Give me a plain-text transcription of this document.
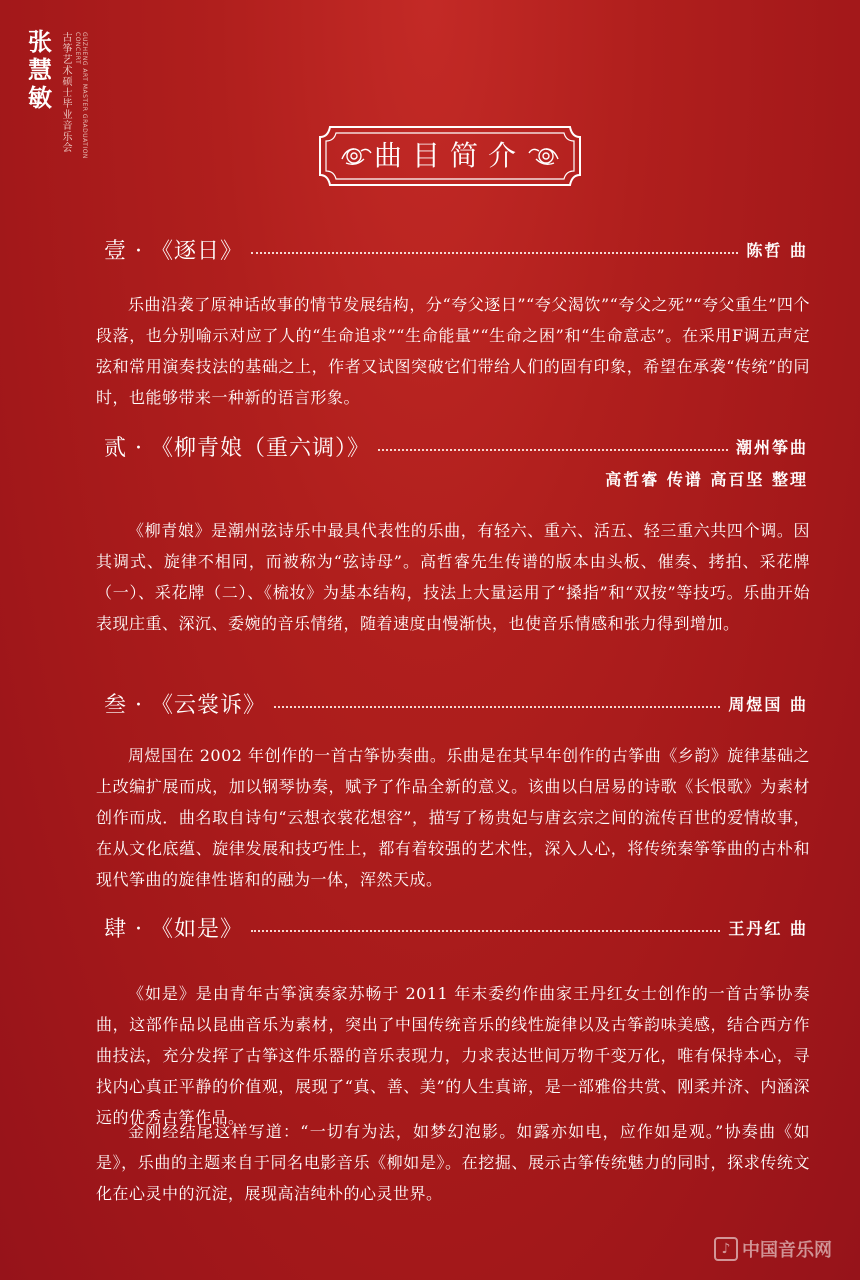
张
慧
敏 古筝艺术硕士毕业音乐会	GUZHENG ART MASTER GRADUATION CONCERT
曲目简介
壹 · 《逐日》	陈哲 曲

乐曲沿袭了原神话故事的情节发展结构，分“夸父逐日”“夸父渴饮”“夸父之死”“夸父重生”四个段落，也分别喻示对应了人的“生命追求”“生命能量”“生命之困”和“生命意志”。在采用F调五声定弦和常用演奏技法的基础之上，作者又试图突破它们带给人们的固有印象，希望在承袭“传统”的同时，也能够带来一种新的语言形象。

贰 · 《柳青娘（重六调）》	潮州筝曲
高哲睿 传谱 高百坚 整理

《柳青娘》是潮州弦诗乐中最具代表性的乐曲，有轻六、重六、活五、轻三重六共四个调。因其调式、旋律不相同，而被称为“弦诗母”。高哲睿先生传谱的版本由头板、催奏、拷拍、采花牌（一）、采花牌（二）、《梳妆》为基本结构，技法上大量运用了“搡指”和“双按”等技巧。乐曲开始表现庄重、深沉、委婉的音乐情绪，随着速度由慢渐快，也使音乐情感和张力得到增加。

叁 · 《云裳诉》	周煜国 曲

周煜国在 2002 年创作的一首古筝协奏曲。乐曲是在其早年创作的古筝曲《乡韵》旋律基础之上改编扩展而成，加以钢琴协奏，赋予了作品全新的意义。该曲以白居易的诗歌《长恨歌》为素材创作而成．曲名取自诗句“云想衣裳花想容”，描写了杨贵妃与唐玄宗之间的流传百世的爱情故事，在从文化底蕴、旋律发展和技巧性上，都有着较强的艺术性，深入人心，将传统秦筝筝曲的古朴和现代筝曲的旋律性谐和的融为一体，浑然天成。

肆 · 《如是》	王丹红 曲

《如是》是由青年古筝演奏家苏畅于 2011 年末委约作曲家王丹红女士创作的一首古筝协奏曲，这部作品以昆曲音乐为素材，突出了中国传统音乐的线性旋律以及古筝韵味美感，结合西方作曲技法，充分发挥了古筝这件乐器的音乐表现力，力求表达世间万物千变万化，唯有保持本心，寻找内心真正平静的价值观，展现了“真、善、美”的人生真谛，是一部雅俗共赏、刚柔并济、内涵深远的优秀古筝作品。

金刚经结尾这样写道：“一切有为法，如梦幻泡影。如露亦如电，应作如是观。”协奏曲《如是》，乐曲的主题来自于同名电影音乐《柳如是》。在挖掘、展示古筝传统魅力的同时，探求传统文化在心灵中的沉淀，展现高洁纯朴的心灵世界。

♪ 中国音乐网
